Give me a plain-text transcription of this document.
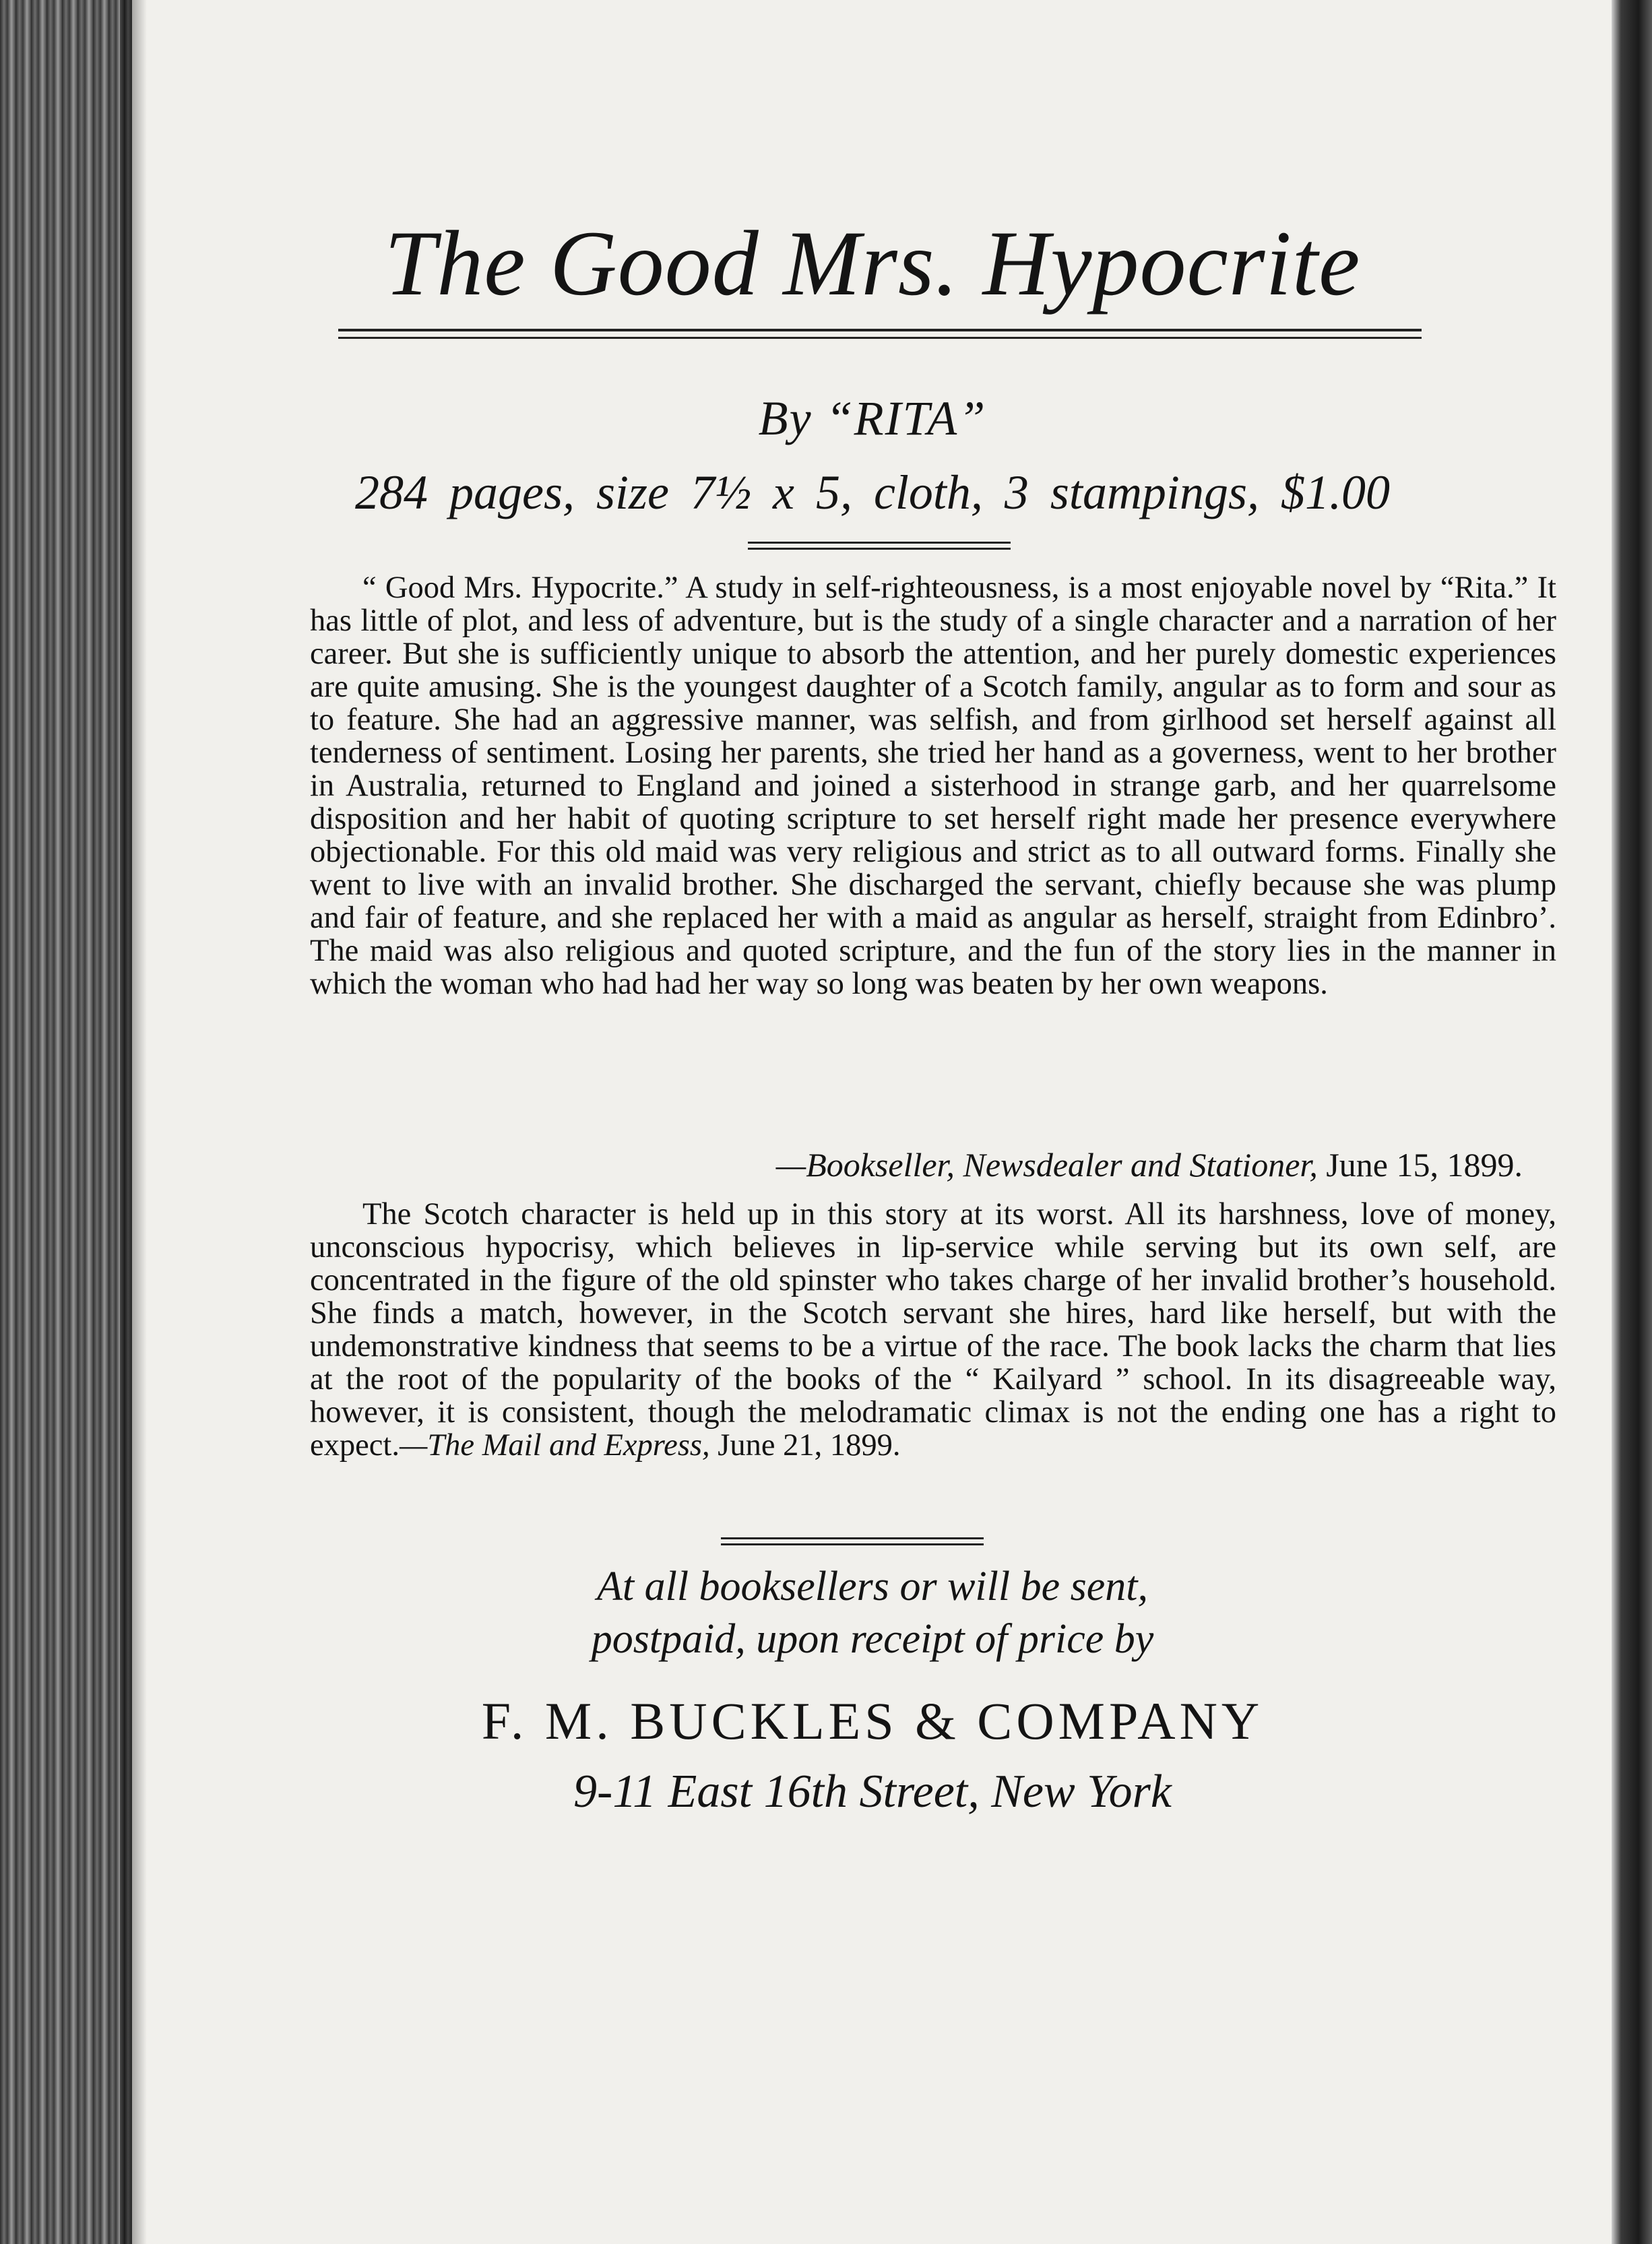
The Good Mrs. Hypocrite
By “RITA”
284 pages, size 7½ x 5, cloth, 3 stampings, $1.00

“ Good Mrs. Hypocrite.” A study in self-righteousness, is a most enjoyable novel by “Rita.” It has little of plot, and less of adventure, but is the study of a single character and a narration of her career. But she is sufficiently unique to absorb the attention, and her purely domestic experiences are quite amusing. She is the youngest daughter of a Scotch family, angular as to form and sour as to feature. She had an aggressive manner, was selfish, and from girlhood set herself against all tenderness of sentiment. Losing her parents, she tried her hand as a governess, went to her brother in Australia, returned to England and joined a sisterhood in strange garb, and her quarrelsome disposition and her habit of quoting scripture to set herself right made her presence everywhere objectionable. For this old maid was very religious and strict as to all outward forms. Finally she went to live with an invalid brother. She discharged the servant, chiefly because she was plump and fair of feature, and she replaced her with a maid as angular as herself, straight from Edinbro’. The maid was also religious and quoted scripture, and the fun of the story lies in the manner in which the woman who had had her way so long was beaten by her own weapons.

—Bookseller, Newsdealer and Stationer, June 15, 1899.

The Scotch character is held up in this story at its worst. All its harshness, love of money, unconscious hypocrisy, which believes in lip-service while serving but its own self, are concentrated in the figure of the old spinster who takes charge of her invalid brother’s household. She finds a match, however, in the Scotch servant she hires, hard like herself, but with the undemonstrative kindness that seems to be a virtue of the race. The book lacks the charm that lies at the root of the popularity of the books of the “ Kailyard ” school. In its disagreeable way, however, it is consistent, though the melodramatic climax is not the ending one has a right to expect.—The Mail and Express, June 21, 1899.

At all booksellers or will be sent,
postpaid, upon receipt of price by
F. M. BUCKLES & COMPANY
9-11 East 16th Street, New York
